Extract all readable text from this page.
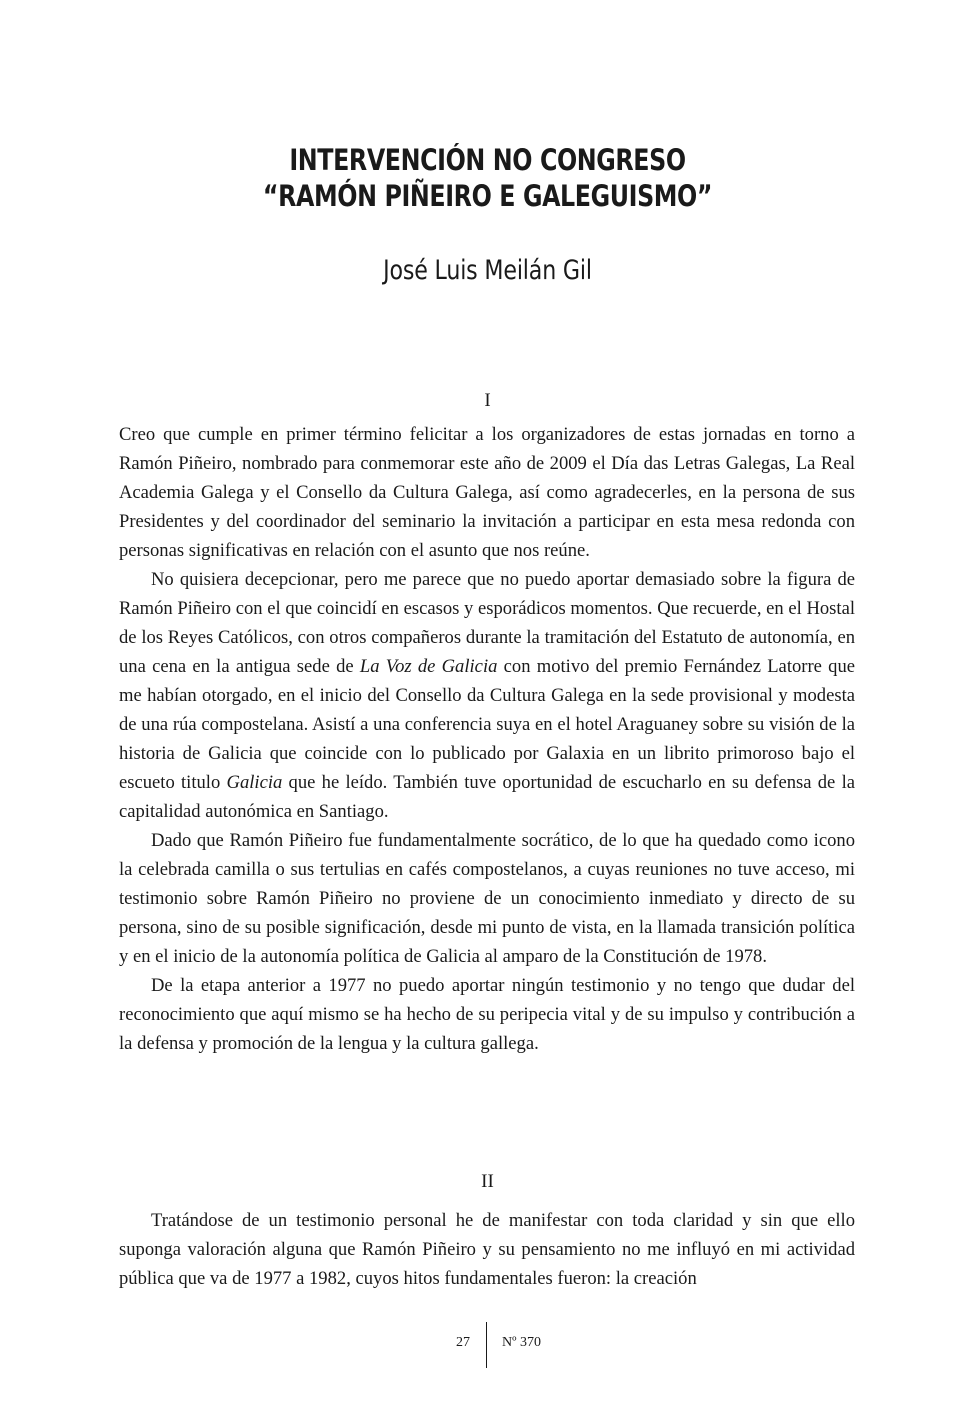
INTERVENCIÓN NO CONGRESO
“RAMÓN PIÑEIRO E GALEGUISMO”
José Luis Meilán Gil
I

Creo que cumple en primer término felicitar a los organizadores de estas jornadas en torno a Ramón Piñeiro, nombrado para conmemorar este año de 2009 el Día das Letras Galegas, La Real Academia Galega y el Consello da Cultura Galega, así como agradecerles, en la persona de sus Presidentes y del coordinador del seminario la invitación a participar en esta mesa redonda con personas significativas en relación con el asunto que nos reúne.

No quisiera decepcionar, pero me parece que no puedo aportar demasiado sobre la figura de Ramón Piñeiro con el que coincidí en escasos y esporádicos momentos. Que recuerde, en el Hostal de los Reyes Católicos, con otros compañeros durante la tramitación del Estatuto de autonomía, en una cena en la antigua sede de La Voz de Galicia con motivo del premio Fernández Latorre que me habían otorgado, en el inicio del Consello da Cultura Galega en la sede provisional y modesta de una rúa compostelana. Asistí a una conferencia suya en el hotel Araguaney sobre su visión de la historia de Galicia que coincide con lo publicado por Galaxia en un librito primoroso bajo el escueto titulo Galicia que he leído. También tuve oportunidad de escucharlo en su defensa de la capitalidad autonómica en Santiago.

Dado que Ramón Piñeiro fue fundamentalmente socrático, de lo que ha quedado como icono la celebrada camilla o sus tertulias en cafés compostelanos, a cuyas reuniones no tuve acceso, mi testimonio sobre Ramón Piñeiro no proviene de un conocimiento inmediato y directo de su persona, sino de su posible significación, desde mi punto de vista, en la llamada transición política y en el inicio de la autonomía política de Galicia al amparo de la Constitución de 1978.

De la etapa anterior a 1977 no puedo aportar ningún testimonio y no tengo que dudar del reconocimiento que aquí mismo se ha hecho de su peripecia vital y de su impulso y contribución a la defensa y promoción de la lengua y la cultura gallega.

II

Tratándose de un testimonio personal he de manifestar con toda claridad y sin que ello suponga valoración alguna que Ramón Piñeiro y su pensamiento no me influyó en mi actividad pública que va de 1977 a 1982, cuyos hitos fundamentales fueron: la creación

27 Nº 370
